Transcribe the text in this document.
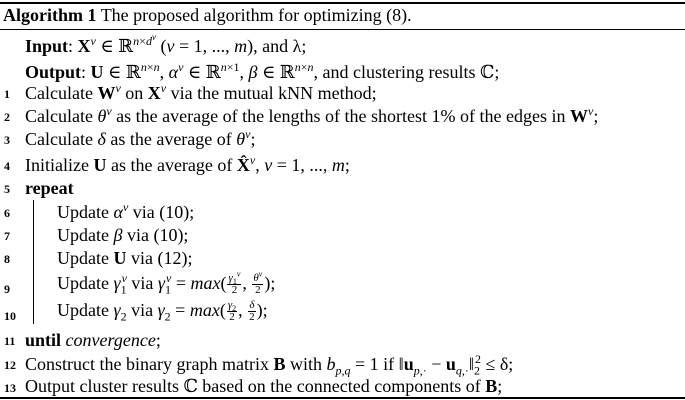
Algorithm 1 The proposed algorithm for optimizing (8).
Input: $X^v$ ∈ ℝ$^{n\times d^v}$ (v = 1, ..., m), and λ;
Output: U ∈ ℝ$^{n\times n}$, $\alpha^v$ ∈ ℝ$^{n\times 1}$, β ∈ ℝ$^{n\times n}$, and clustering results ℂ;
1 Calculate $W^v$ on $X^v$ via the mutual kNN method;
2 Calculate $\theta^v$ as the average of the lengths of the shortest 1% of the edges in $W^v$;
3 Calculate δ as the average of $\theta^v$;
4 Initialize U as the average of X̂$^v$, v = 1, ..., m;
5 repeat
6	Update $\alpha^v$ via (10);
7	Update β via (10);
8	Update U via (12);
9	Update $\gamma_1^v$ via $\gamma_1^v = \max( \frac{\gamma_1^v}{2}$ , $\frac{\theta^v}{2}$ );
10 Update $\gamma_2$ via $\gamma_2 = \max( \frac{\gamma_2}{2}$ , $\frac{\delta}{2}$ );
11 until convergence;
12 Construct the binary graph matrix B with $b_{p,q} = 1$ if $‖u_{p,\cdot}$ − $u_{q,\cdot}‖_2^2 \le \delta$;
13 Output cluster results ℂ based on the connected components of B;
